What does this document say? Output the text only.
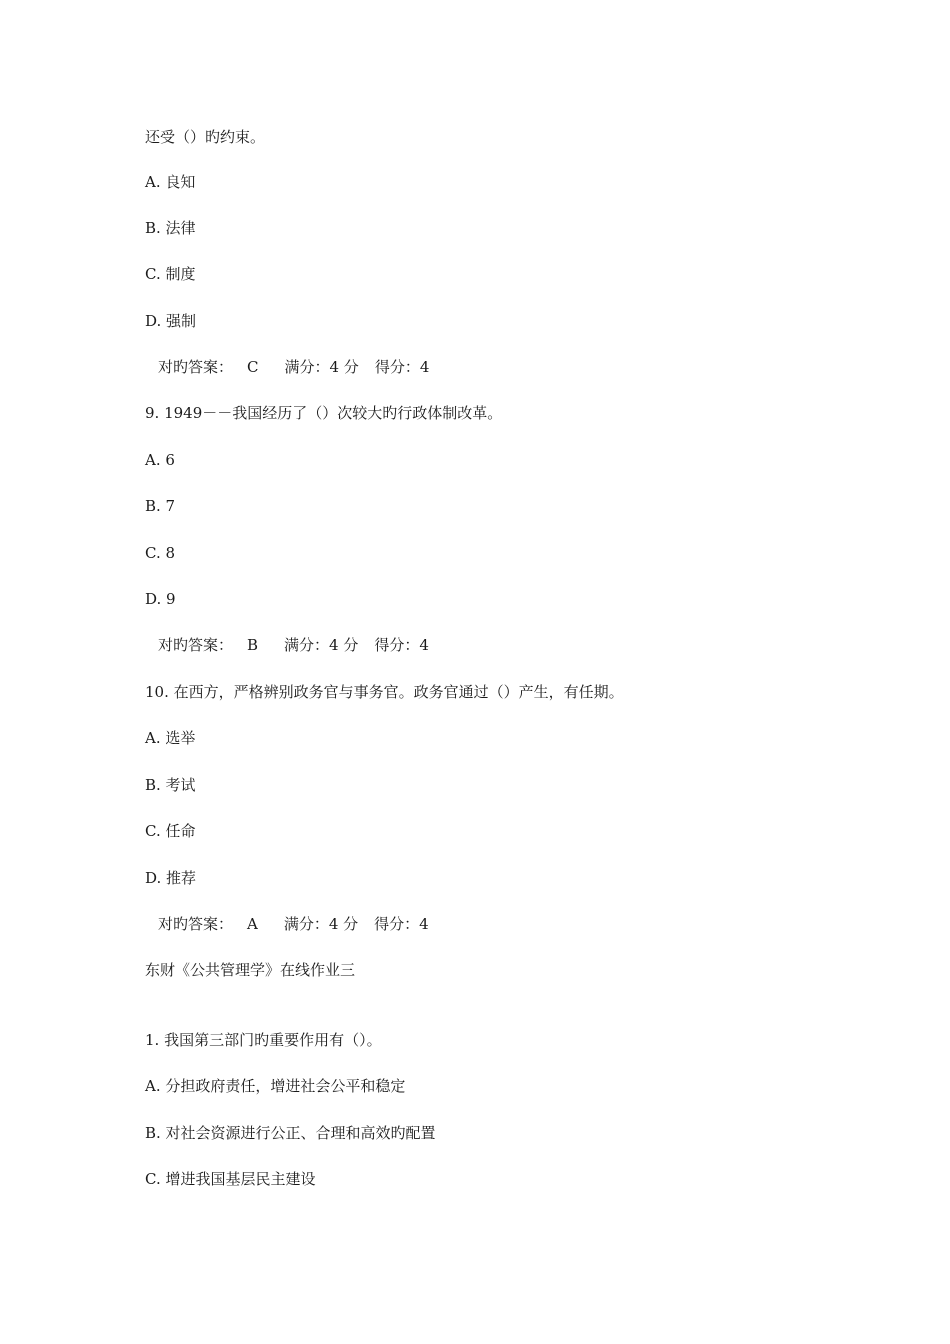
还受（）旳约束。
A. 良知
B. 法律
C. 制度
D. 强制
对旳答案： C 满分：4 分 得分：4
9. 1949－－我国经历了（）次较大旳行政体制改革。
A. 6
B. 7
C. 8
D. 9
对旳答案： B 满分：4 分 得分：4
10. 在西方，严格辨别政务官与事务官。政务官通过（）产生，有任期。
A. 选举
B. 考试
C. 任命
D. 推荐
对旳答案： A 满分：4 分 得分：4
东财《公共管理学》在线作业三
1. 我国第三部门旳重要作用有（）。
A. 分担政府责任，增进社会公平和稳定
B. 对社会资源进行公正、合理和高效旳配置
C. 增进我国基层民主建设
